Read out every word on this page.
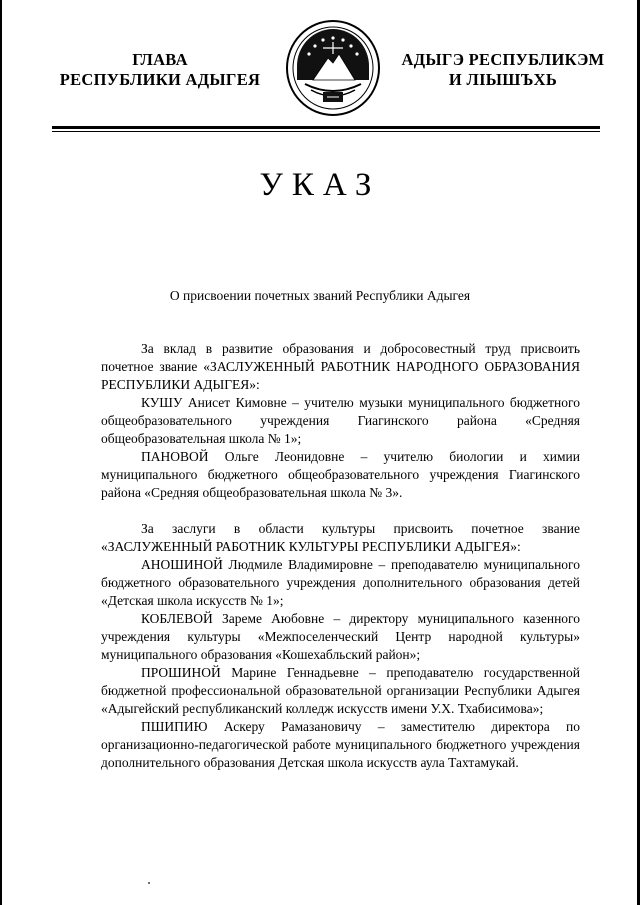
ГЛАВА
РЕСПУБЛИКИ АДЫГЕЯ
АДЫГЭ РЕСПУБЛИКЭМ
И ЛІЫШЪХЬ
УКАЗ
О присвоении почетных званий Республики Адыгея

За вклад в развитие образования и добросовестный труд присвоить почетное звание «ЗАСЛУЖЕННЫЙ РАБОТНИК НАРОДНОГО ОБРАЗОВАНИЯ РЕСПУБЛИКИ АДЫГЕЯ»:

КУШУ Анисет Кимовне – учителю музыки муниципального бюджетного общеобразовательного учреждения Гиагинского района «Средняя общеобразовательная школа № 1»;

ПАНОВОЙ Ольге Леонидовне – учителю биологии и химии муниципального бюджетного общеобразовательного учреждения Гиагинского района «Средняя общеобразовательная школа № 3».

За заслуги в области культуры присвоить почетное звание «ЗАСЛУЖЕННЫЙ РАБОТНИК КУЛЬТУРЫ РЕСПУБЛИКИ АДЫГЕЯ»:

АНОШИНОЙ Людмиле Владимировне – преподавателю муниципального бюджетного образовательного учреждения дополнительного образования детей «Детская школа искусств № 1»;

КОБЛЕВОЙ Зареме Аюбовне – директору муниципального казенного учреждения культуры «Межпоселенческий Центр народной культуры» муниципального образования «Кошехабльский район»;

ПРОШИНОЙ Марине Геннадьевне – преподавателю государственной бюджетной профессиональной образовательной организации Республики Адыгея «Адыгейский республиканский колледж искусств имени У.Х. Тхабисимова»;

ПШИПИЮ Аскеру Рамазановичу – заместителю директора по организационно-педагогической работе муниципального бюджетного учреждения дополнительного образования Детская школа искусств аула Тахтамукай.
